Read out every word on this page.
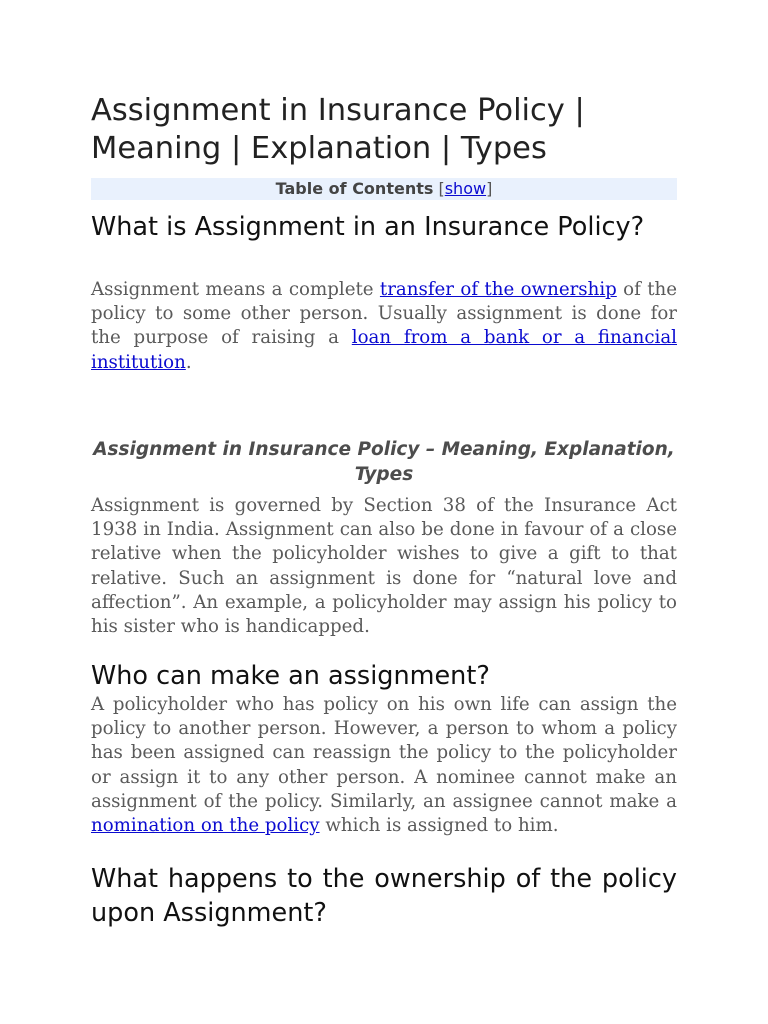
Assignment in Insurance Policy | Meaning | Explanation | Types
Table of Contents [show]
What is Assignment in an Insurance Policy?

Assignment means a complete transfer of the ownership of the policy to some other person. Usually assignment is done for the purpose of raising a loan from a bank or a financial institution.

Assignment in Insurance Policy – Meaning, Explanation, Types

Assignment is governed by Section 38 of the Insurance Act 1938 in India. Assignment can also be done in favour of a close relative when the policyholder wishes to give a gift to that relative. Such an assignment is done for “natural love and affection”. An example, a policyholder may assign his policy to his sister who is handicapped.

Who can make an assignment?

A policyholder who has policy on his own life can assign the policy to another person. However, a person to whom a policy has been assigned can reassign the policy to the policyholder or assign it to any other person. A nominee cannot make an assignment of the policy. Similarly, an assignee cannot make a nomination on the policy which is assigned to him.

What happens to the ownership of the policy upon Assignment?
